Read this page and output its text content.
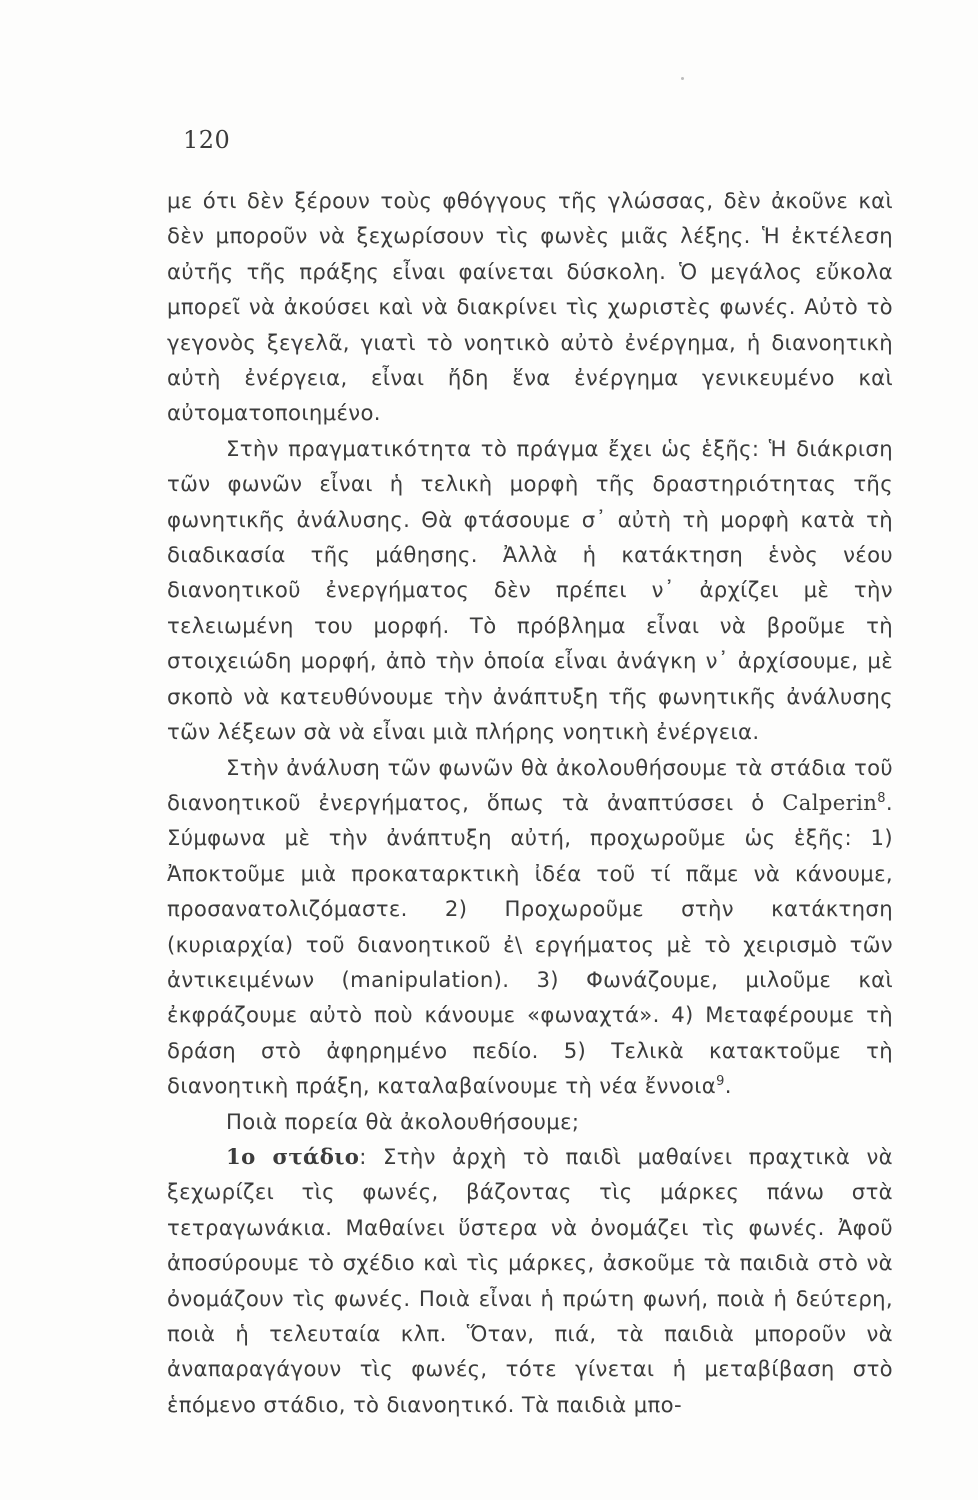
120

με ότι δὲν ξέρουν τοὺς φθόγγους τῆς γλώσσας, δὲν ἀκοῦνε καὶ δὲν μποροῦν νὰ ξεχωρίσουν τὶς φωνὲς μιᾶς λέξης. Ἡ ἐκτέλεση αὐτῆς τῆς πράξης εἶναι φαίνεται δύσκολη. Ὁ μεγάλος εὔκολα μπορεῖ νὰ ἀκούσει καὶ νὰ διακρίνει τὶς χωριστὲς φωνές. Αὐτὸ τὸ γεγονὸς ξεγελᾶ, γιατὶ τὸ νοητικὸ αὐτὸ ἐνέργημα, ἡ διανοητικὴ αὐτὴ ἐνέργεια, εἶναι ἤδη ἕνα ἐνέργημα γενικευμένο καὶ αὐτοματοποιημένο.

Στὴν πραγματικότητα τὸ πράγμα ἔχει ὡς ἑξῆς: Ἡ διάκριση τῶν φωνῶν εἶναι ἡ τελικὴ μορφὴ τῆς δραστηριότητας τῆς φωνητικῆς ἀνάλυσης. Θὰ φτάσουμε σ᾿ αὐτὴ τὴ μορφὴ κατὰ τὴ διαδικασία τῆς μάθησης. Ἀλλὰ ἡ κατάκτηση ἑνὸς νέου διανοητικοῦ ἐνεργήματος δὲν πρέπει ν᾿ ἀρχίζει μὲ τὴν τελειωμένη του μορφή. Τὸ πρόβλημα εἶναι νὰ βροῦμε τὴ στοιχειώδη μορφή, ἀπὸ τὴν ὁποία εἶναι ἀνάγκη ν᾿ ἀρχίσουμε, μὲ σκοπὸ νὰ κατευθύνουμε τὴν ἀνάπτυξη τῆς φωνητικῆς ἀνάλυσης τῶν λέξεων σὰ νὰ εἶναι μιὰ πλήρης νοητικὴ ἐνέργεια.

Στὴν ἀνάλυση τῶν φωνῶν θὰ ἀκολουθήσουμε τὰ στάδια τοῦ διανοητικοῦ ἐνεργήματος, ὅπως τὰ ἀναπτύσσει ὁ Calperin$^8$. Σύμφωνα μὲ τὴν ἀνάπτυξη αὐτή, προχωροῦμε ὡς ἑξῆς: 1) Ἀποκτοῦμε μιὰ προκαταρκτικὴ ἰδέα τοῦ τί πᾶμε νὰ κάνουμε, προσανατολιζόμαστε. 2) Προχωροῦμε στὴν κατάκτηση (κυριαρχία) τοῦ διανοητικοῦ ἐ\ εργήματος μὲ τὸ χειρισμὸ τῶν ἀντικειμένων (manipulation). 3) Φωνάζουμε, μιλοῦμε καὶ ἐκφράζουμε αὐτὸ ποὺ κάνουμε «φωναχτά». 4) Μεταφέρουμε τὴ δράση στὸ ἀφηρημένο πεδίο. 5) Τελικὰ κατακτοῦμε τὴ διανοητικὴ πράξη, καταλαβαίνουμε τὴ νέα ἔννοια$^9$.

Ποιὰ πορεία θὰ ἀκολουθήσουμε;

1ο στάδιο: Στὴν ἀρχὴ τὸ παιδὶ μαθαίνει πραχτικὰ νὰ ξεχωρίζει τὶς φωνές, βάζοντας τὶς μάρκες πάνω στὰ τετραγωνάκια. Μαθαίνει ὕστερα νὰ ὀνομάζει τὶς φωνές. Ἀφοῦ ἀποσύρουμε τὸ σχέδιο καὶ τὶς μάρκες, ἀσκοῦμε τὰ παιδιὰ στὸ νὰ ὀνομάζουν τὶς φωνές. Ποιὰ εἶναι ἡ πρώτη φωνή, ποιὰ ἡ δεύτερη, ποιὰ ἡ τελευταία κλπ. Ὅταν, πιά, τὰ παιδιὰ μποροῦν νὰ ἀναπαραγάγουν τὶς φωνές, τότε γίνεται ἡ μεταβίβαση στὸ ἑπόμενο στάδιο, τὸ διανοητικό. Τὰ παιδιὰ μπο-
